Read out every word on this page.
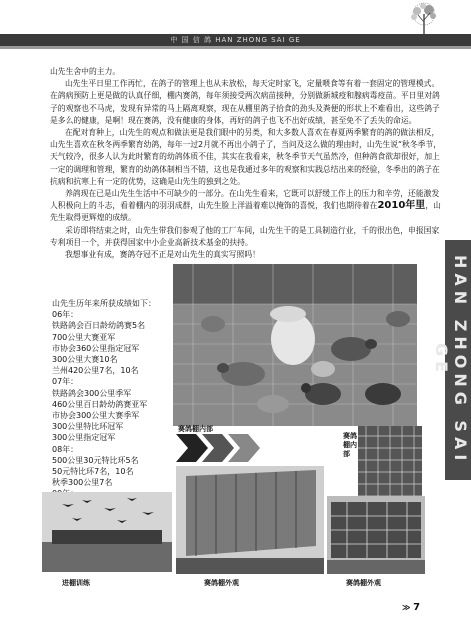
中 国 信 鸽 HAN ZHONG SAI GE
HAN ZHONG SAI GE

山先生舍中的主力。

山先生平日里工作再忙，在鸽子的管理上也从未放松，每天定时家飞，定量喂食等有着一套固定的管理模式。在鸽病预防上更是做的认真仔细，棚内赛鸽，每年须接受两次病苗接种，分别做新城疫和腺病毒疫苗。平日里对鸽子的观察也不马虎，发现有异常的马上隔离观察，现在从棚里鸽子拾食的劲头及粪便的形状上不难看出，这些鸽子是多么的健康，是啊！现在赛鸽，没有健康的身体，再好的鸽子也飞不出好成绩，甚至免不了丢失的命运。

在配对育种上，山先生的观点和做法更是我们眼中的另类，和大多数人喜欢在春夏两季繁育的鸽的做法相反，山先生喜欢在秋冬两季繁育幼鸽，每年一过2月就不再出小鸽子了，当问及这么做的理由时，山先生说“秋冬季节，天气较冷，很多人认为此时繁育的幼鸽体质不佳，其实在我看来，秋冬季节天气虽然冷，但种鸽食欲却很好，加上一定的调理和管理，繁育的幼鸽体制相当不错，这也是我通过多年的观察和实践总结出来的经验，冬季出的鸽子在抗病和抗寒上有一定的优势，这确是山先生的独到之处。

养鸽现在已是山先生生活中不可缺少的一部分。在山先生看来，它既可以舒缓工作上的压力和辛劳，还能激发人积极向上的斗志，看着棚内的羽羽成群，山先生脸上洋溢着难以掩饰的喜悦，我们也期待着在2010年里，山先生取得更辉煌的成绩。

采访即将结束之时，山先生带我们参观了他的工厂车间，山先生干的是工具制造行业，千的很出色，申报国家专利项目一个，并获得国家中小企业高新技术基金的扶持。

我想事业有成，赛鸽夺冠不正是对山先生的真实写照吗！

山先生历年来所获成绩如下：
06年：
铁路鸽会百日龄幼鸽赛5名
700公里大赛亚军
市协会360公里指定冠军
300公里大赛10名
兰州420公里7名，10名
07年：
铁路鸽会300公里季军
460公里百日龄幼鸽赛亚军
市协会300公里大赛季军
300公里特比环冠军
300公里指定冠军
08年：
500公里30元特比环5名
50元特比环7名，10名
秋季300公里7名
赛鸽棚内部
赛鸽棚内部
进棚训练	赛鸽棚外观	赛鸽棚外观
≫ 7
